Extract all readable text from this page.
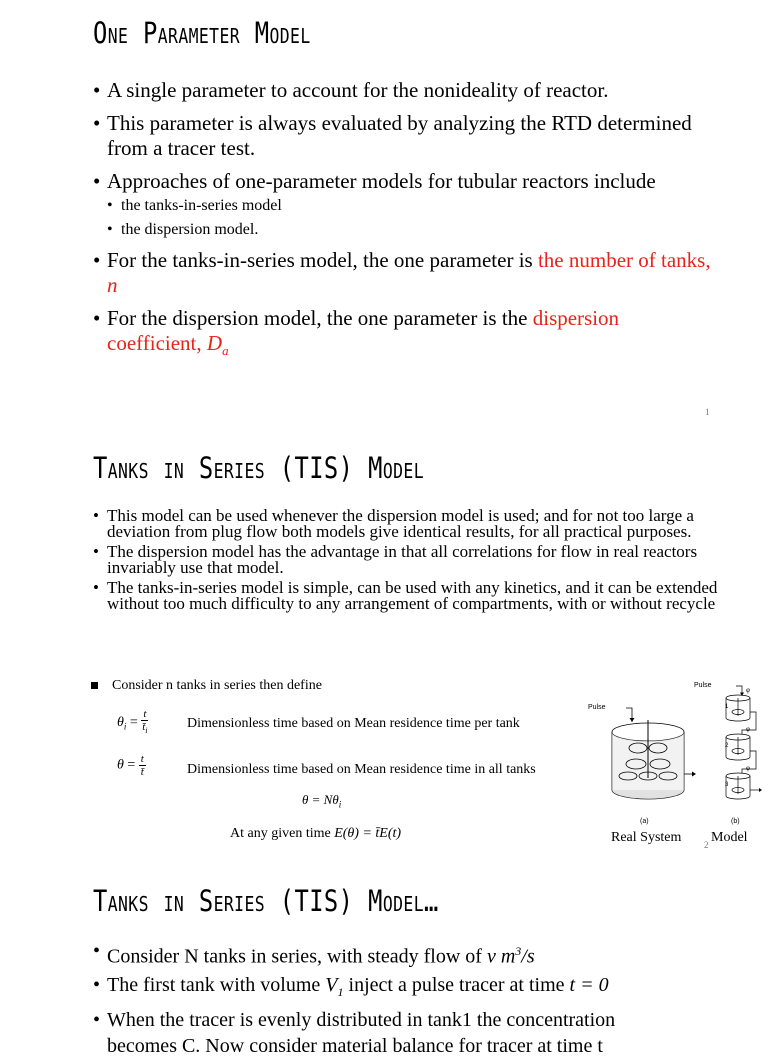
One Parameter Model
• A single parameter to account for the nonideality of reactor.
• This parameter is always evaluated by analyzing the RTD determined from a tracer test.
• Approaches of one-parameter models for tubular reactors include
• the tanks-in-series model
• the dispersion model.
• For the tanks-in-series model, the one parameter is the number of tanks, n
• For the dispersion model, the one parameter is the dispersion coefficient, $D_a$
1
Tanks in Series (TIS) Model
• This model can be used whenever the dispersion model is used; and for not too large a deviation from plug flow both models give identical results, for all practical purposes.
• The dispersion model has the advantage in that all correlations for flow in real reactors invariably use that model.
• The tanks-in-series model is simple, can be used with any kinetics, and it can be extended without too much difficulty to any arrangement of compartments, with or without recycle
Consider n tanks in series then define
$\theta_i = \frac{t}{t̄_i}$	Dimensionless time based on Mean residence time per tank
$\theta = \frac{t}{t̄}$	Dimensionless time based on Mean residence time in all tanks
$\theta = N\theta_i$
At any given time E(θ) = t̄E(t)
Pulse
(a)
Real System
φ
φ
φ
1
2
3
Pulse
(b)
2 Model
Tanks in Series (TIS) Model…
• Consider N tanks in series, with steady flow of v $m^3/s$
• The first tank with volume $V_1$ inject a pulse tracer at time t = 0
• When the tracer is evenly distributed in tank1 the concentration
becomes C. Now consider material balance for tracer at time t
